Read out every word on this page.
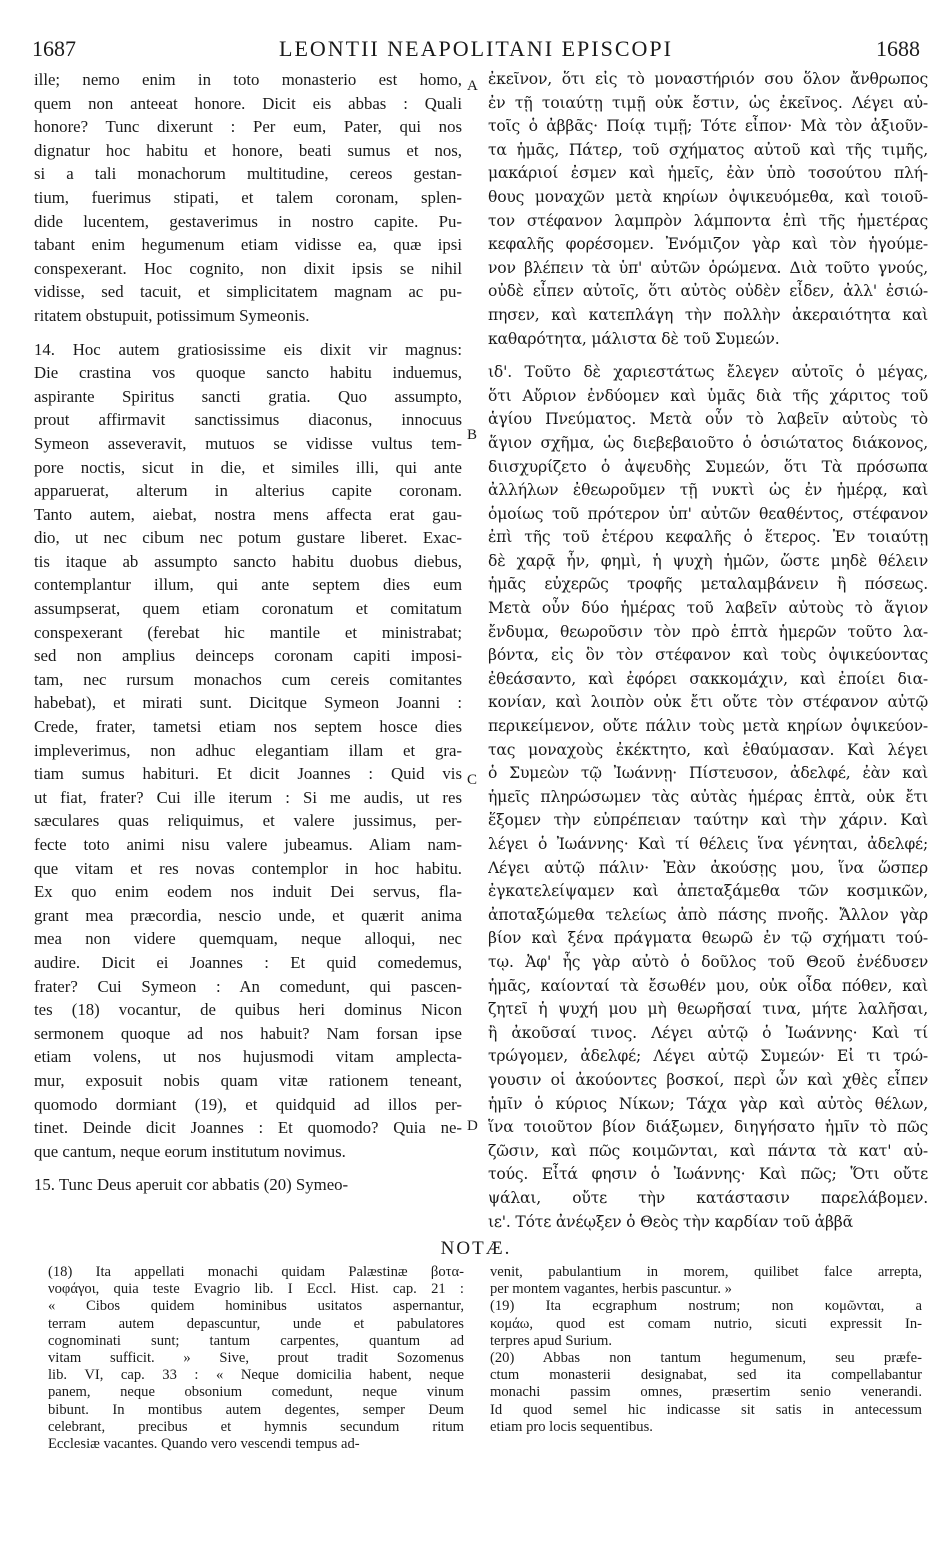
1687	LEONTII NEAPOLITANI EPISCOPI	1688
ille; nemo enim in toto monasterio est homo,
quem non anteeat honore. Dicit eis abbas : Quali
honore? Tunc dixerunt : Per eum, Pater, qui nos
dignatur hoc habitu et honore, beati sumus et nos,
si a tali monachorum multitudine, cereos gestan-
tium, fuerimus stipati, et talem coronam, splen-
dide lucentem, gestaverimus in nostro capite. Pu-
tabant enim hegumenum etiam vidisse ea, quæ ipsi
conspexerant. Hoc cognito, non dixit ipsis se nihil
vidisse, sed tacuit, et simplicitatem magnam ac pu-
ritatem obstupuit, potissimum Symeonis.
14. Hoc autem gratiosissime eis dixit vir magnus:
Die crastina vos quoque sancto habitu induemus,
aspirante Spiritus sancti gratia. Quo assumpto,
prout affirmavit sanctissimus diaconus, innocuus
Symeon asseveravit, mutuos se vidisse vultus tem-
pore noctis, sicut in die, et similes illi, qui ante
apparuerat, alterum in alterius capite coronam.
Tanto autem, aiebat, nostra mens affecta erat gau-
dio, ut nec cibum nec potum gustare liberet. Exac-
tis itaque ab assumpto sancto habitu duobus diebus,
contemplantur illum, qui ante septem dies eum
assumpserat, quem etiam coronatum et comitatum
conspexerant (ferebat hic mantile et ministrabat;
sed non amplius deinceps coronam capiti imposi-
tam, nec rursum monachos cum cereis comitantes
habebat), et mirati sunt. Dicitque Symeon Joanni :
Crede, frater, tametsi etiam nos septem hosce dies
impleverimus, non adhuc elegantiam illam et gra-
tiam sumus habituri. Et dicit Joannes : Quid vis
ut fiat, frater? Cui ille iterum : Si me audis, ut res
sæculares quas reliquimus, et valere jussimus, per-
fecte toto animi nisu valere jubeamus. Aliam nam-
que vitam et res novas contemplor in hoc habitu.
Ex quo enim eodem nos induit Dei servus, fla-
grant mea præcordia, nescio unde, et quærit anima
mea non videre quemquam, neque alloqui, nec
audire. Dicit ei Joannes : Et quid comedemus,
frater? Cui Symeon : An comedunt, qui pascen-
tes (18) vocantur, de quibus heri dominus Nicon
sermonem quoque ad nos habuit? Nam forsan ipse
etiam volens, ut nos hujusmodi vitam amplecta-
mur, exposuit nobis quam vitæ rationem teneant,
quomodo dormiant (19), et quidquid ad illos per-
tinet. Deinde dicit Joannes : Et quomodo? Quia ne-
que cantum, neque eorum institutum novimus.
15. Tunc Deus aperuit cor abbatis (20) Symeo-
ἐκεῖνον, ὅτι εἰς τὸ μοναστήριόν σου ὅλον ἄνθρωπος
ἐν τῇ τοιαύτῃ τιμῇ οὐκ ἔστιν, ὡς ἐκεῖνος. Λέγει αὐ-
τοῖς ὁ ἀββᾶς· Ποίᾳ τιμῇ; Τότε εἶπον· Μὰ τὸν ἀξιοῦν-
τα ἡμᾶς, Πάτερ, τοῦ σχήματος αὐτοῦ καὶ τῆς τιμῆς,
μακάριοί ἐσμεν καὶ ἡμεῖς, ἐὰν ὑπὸ τοσούτου πλή-
θους μοναχῶν μετὰ κηρίων ὀψικευόμεθα, καὶ τοιοῦ-
τον στέφανον λαμπρὸν λάμποντα ἐπὶ τῆς ἡμετέρας
κεφαλῆς φορέσομεν. Ἐνόμιζον γὰρ καὶ τὸν ἡγούμε-
νον βλέπειν τὰ ὑπ' αὐτῶν ὁρώμενα. Διὰ τοῦτο γνούς,
οὐδὲ εἶπεν αὐτοῖς, ὅτι αὐτὸς οὐδὲν εἶδεν, ἀλλ' ἐσιώ-
πησεν, καὶ κατεπλάγη τὴν πολλὴν ἀκεραιότητα καὶ
καθαρότητα, μάλιστα δὲ τοῦ Συμεών.
ιδ'. Τοῦτο δὲ χαριεστάτως ἔλεγεν αὐτοῖς ὁ μέγας,
ὅτι Αὔριον ἐνδύομεν καὶ ὑμᾶς διὰ τῆς χάριτος τοῦ
ἁγίου Πνεύματος. Μετὰ οὖν τὸ λαβεῖν αὐτοὺς τὸ
ἅγιον σχῆμα, ὡς διεβεβαιοῦτο ὁ ὁσιώτατος διάκονος,
διισχυρίζετο ὁ ἀψευδὴς Συμεών, ὅτι Τὰ πρόσωπα
ἀλλήλων ἐθεωροῦμεν τῇ νυκτὶ ὡς ἐν ἡμέρᾳ, καὶ
ὁμοίως τοῦ πρότερον ὑπ' αὐτῶν θεαθέντος, στέφανον
ἐπὶ τῆς τοῦ ἑτέρου κεφαλῆς ὁ ἕτερος. Ἐν τοιαύτῃ
δὲ χαρᾷ ἦν, φημὶ, ἡ ψυχὴ ἡμῶν, ὥστε μηδὲ θέλειν
ἡμᾶς εὐχερῶς τροφῆς μεταλαμβάνειν ἢ πόσεως.
Μετὰ οὖν δύο ἡμέρας τοῦ λαβεῖν αὐτοὺς τὸ ἅγιον
ἔνδυμα, θεωροῦσιν τὸν πρὸ ἑπτὰ ἡμερῶν τοῦτο λα-
βόντα, εἰς ὃν τὸν στέφανον καὶ τοὺς ὀψικεύοντας
ἐθεάσαντο, καὶ ἐφόρει σακκομάχιν, καὶ ἐποίει δια-
κονίαν, καὶ λοιπὸν οὐκ ἔτι οὔτε τὸν στέφανον αὐτῷ
περικείμενον, οὔτε πάλιν τοὺς μετὰ κηρίων ὀψικεύον-
τας μοναχοὺς ἐκέκτητο, καὶ ἐθαύμασαν. Καὶ λέγει
ὁ Συμεὼν τῷ Ἰωάννῃ· Πίστευσον, ἀδελφέ, ἐὰν καὶ
ἡμεῖς πληρώσωμεν τὰς αὐτὰς ἡμέρας ἑπτὰ, οὐκ ἔτι
ἕξομεν τὴν εὐπρέπειαν ταύτην καὶ τὴν χάριν. Καὶ
λέγει ὁ Ἰωάννης· Καὶ τί θέλεις ἵνα γένηται, ἀδελφέ;
Λέγει αὐτῷ πάλιν· Ἐὰν ἀκούσῃς μου, ἵνα ὥσπερ
ἐγκατελείψαμεν καὶ ἀπεταξάμεθα τῶν κοσμικῶν,
ἀποταξώμεθα τελείως ἀπὸ πάσης πνοῆς. Ἄλλον γὰρ
βίον καὶ ξένα πράγματα θεωρῶ ἐν τῷ σχήματι τού-
τῳ. Ἀφ' ἧς γὰρ αὐτὸ ὁ δοῦλος τοῦ Θεοῦ ἐνέδυσεν
ἡμᾶς, καίονταί τὰ ἔσωθέν μου, οὐκ οἶδα πόθεν, καὶ
ζητεῖ ἡ ψυχή μου μὴ θεωρῆσαί τινα, μήτε λαλῆσαι,
ἢ ἀκοῦσαί τινος. Λέγει αὐτῷ ὁ Ἰωάννης· Καὶ τί
τρώγομεν, ἀδελφέ; Λέγει αὐτῷ Συμεών· Εἰ τι τρώ-
γουσιν οἱ ἀκούοντες βοσκοί, περὶ ὧν καὶ χθὲς εἶπεν
ἡμῖν ὁ κύριος Νίκων; Τάχα γὰρ καὶ αὐτὸς θέλων,
ἵνα τοιοῦτον βίον διάξωμεν, διηγήσατο ἡμῖν τὸ πῶς
ζῶσιν, καὶ πῶς κοιμῶνται, καὶ πάντα τὰ κατ' αὐ-
τούς. Εἶτά φησιν ὁ Ἰωάννης· Καὶ πῶς; Ὅτι οὔτε
ψάλαι, οὔτε τὴν κατάστασιν παρελάβομεν.
ιε'. Τότε ἀνέῳξεν ὁ Θεὸς τὴν καρδίαν τοῦ ἀββᾶ
A
B
C
D
NOTÆ.
(18) Ita appellati monachi quidam Palæstinæ βοτα-
νοφάγοι, quia teste Evagrio lib. I Eccl. Hist. cap. 21 :
« Cibos quidem hominibus usitatos aspernantur,
terram autem depascuntur, unde et pabulatores
cognominati sunt; tantum carpentes, quantum ad
vitam sufficit. » Sive, prout tradit Sozomenus
lib. VI, cap. 33 : « Neque domicilia habent, neque
panem, neque obsonium comedunt, neque vinum
bibunt. In montibus autem degentes, semper Deum
celebrant, precibus et hymnis secundum ritum
Ecclesiæ vacantes. Quando vero vescendi tempus ad-
venit, pabulantium in morem, quilibet falce arrepta,
per montem vagantes, herbis pascuntur. »
(19) Ita ecgraphum nostrum; non κομῶνται, a
κομάω, quod est comam nutrio, sicuti expressit In-
terpres apud Surium.
(20) Abbas non tantum hegumenum, seu præfe-
ctum monasterii designabat, sed ita compellabantur
monachi passim omnes, præsertim senio venerandi.
Id quod semel hic indicasse sit satis in antecessum
etiam pro locis sequentibus.
